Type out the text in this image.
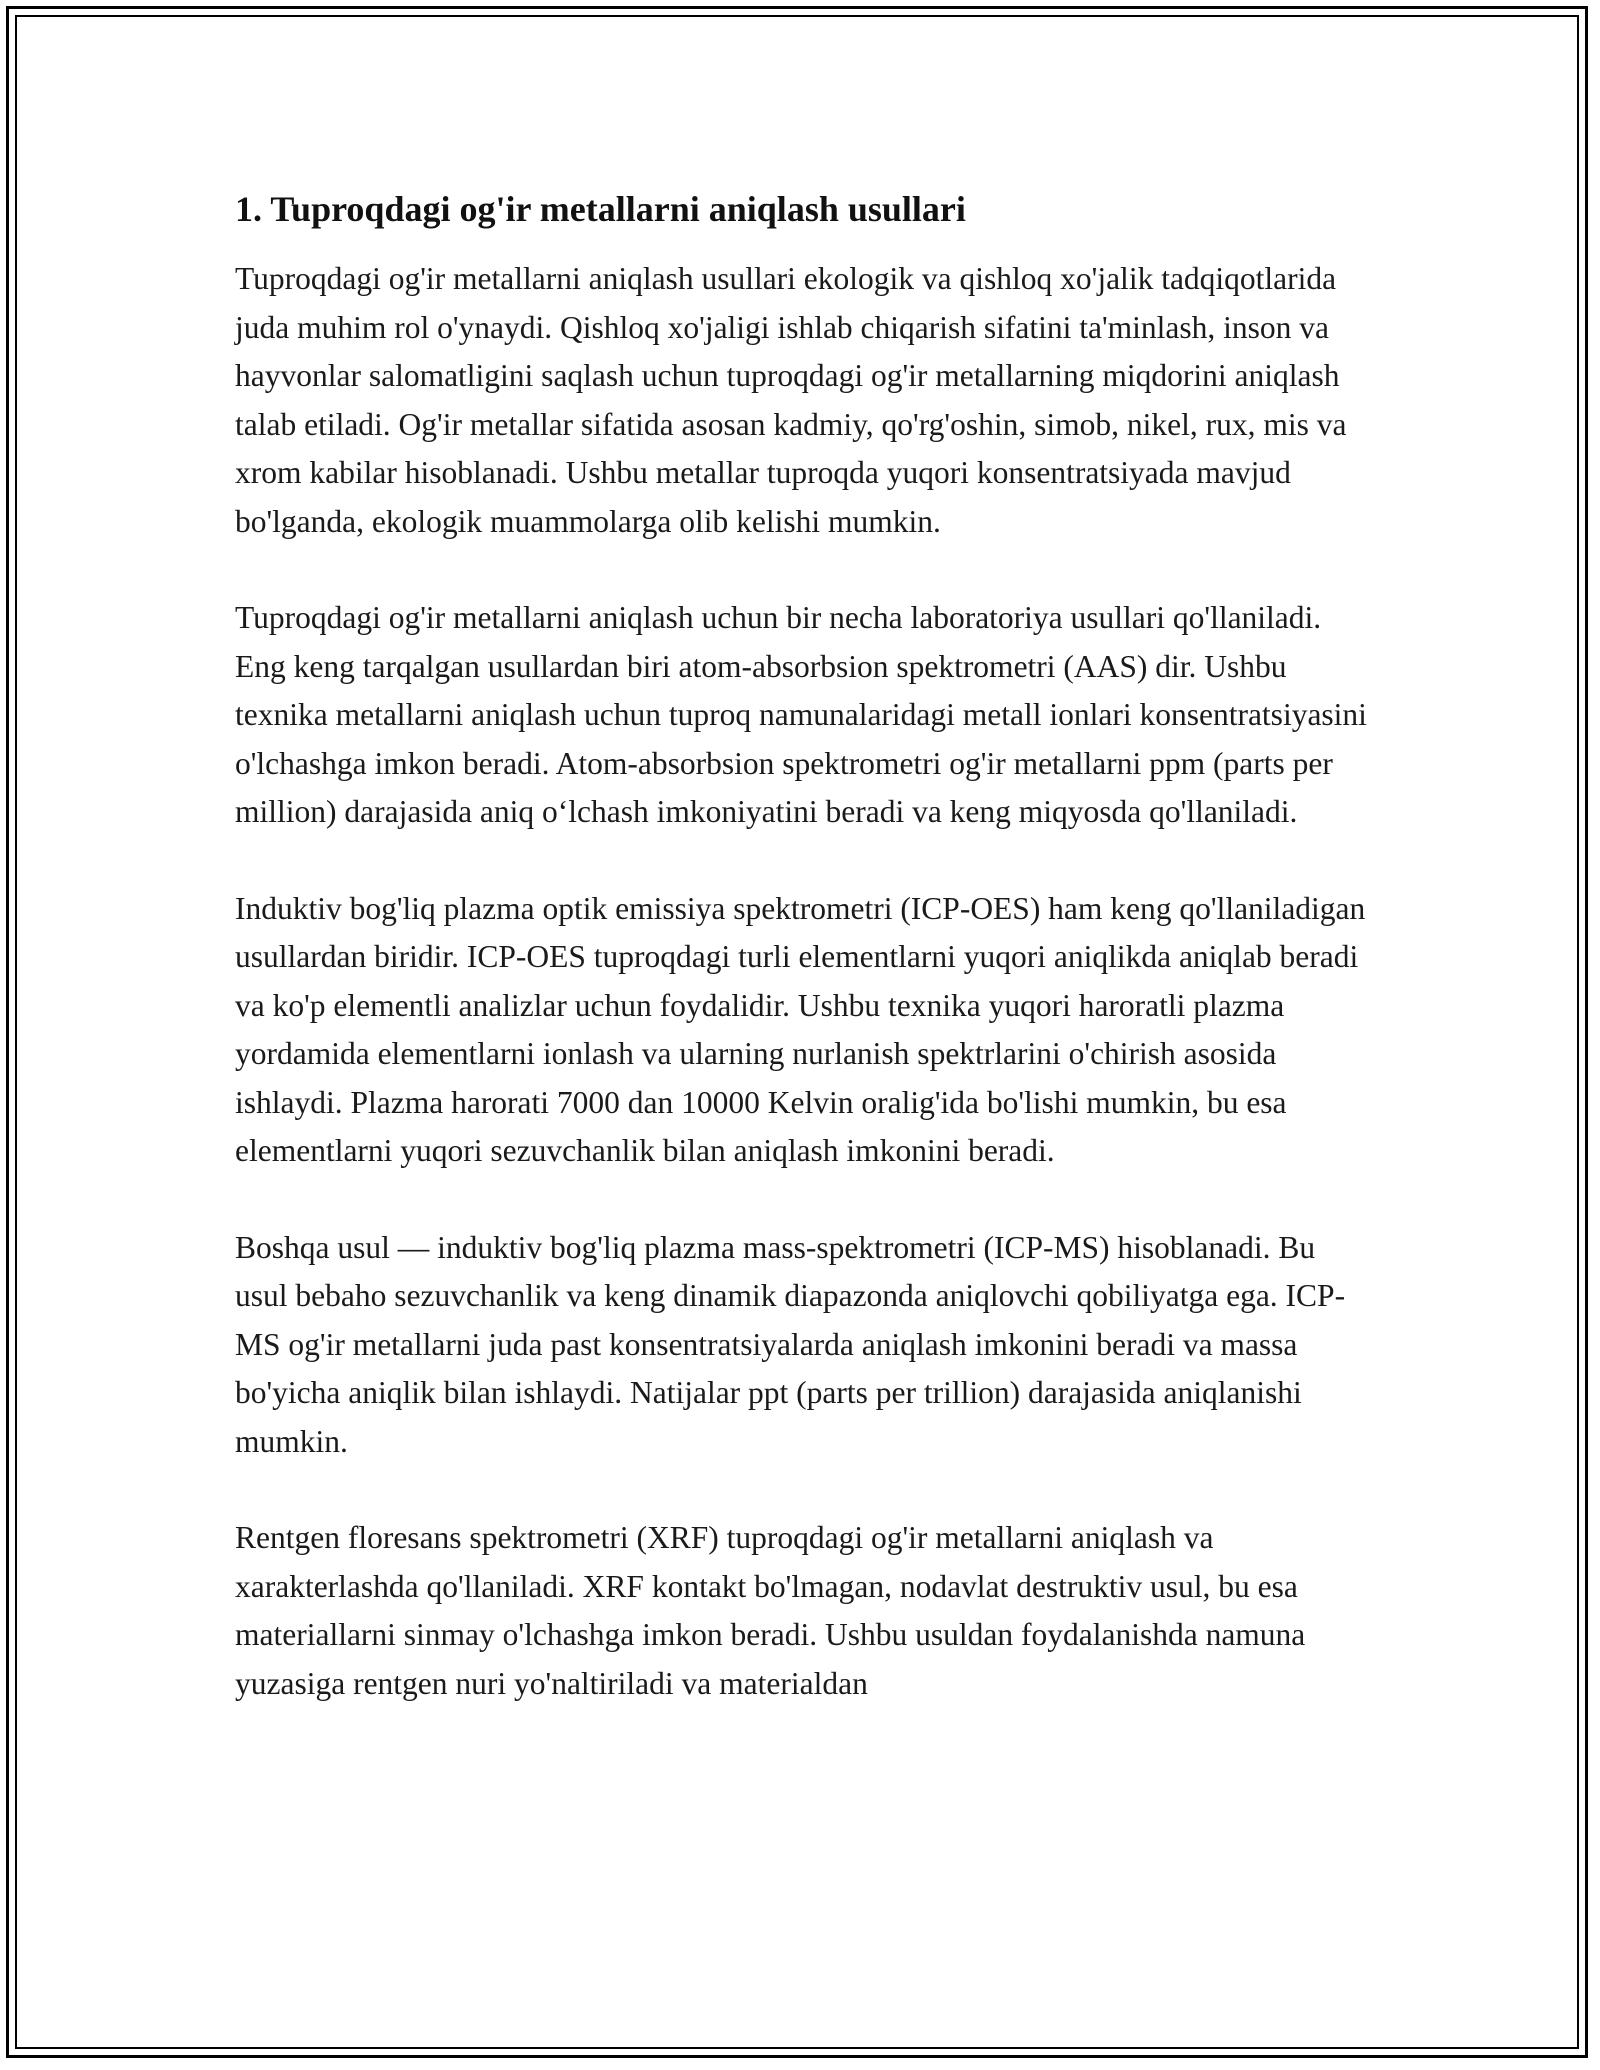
1. Tuproqdagi og'ir metallarni aniqlash usullari

Tuproqdagi og'ir metallarni aniqlash usullari ekologik va qishloq xo'jalik tadqiqotlarida juda muhim rol o'ynaydi. Qishloq xo'jaligi ishlab chiqarish sifatini ta'minlash, inson va hayvonlar salomatligini saqlash uchun tuproqdagi og'ir metallarning miqdorini aniqlash talab etiladi. Og'ir metallar sifatida asosan kadmiy, qo'rg'oshin, simob, nikel, rux, mis va xrom kabilar hisoblanadi. Ushbu metallar tuproqda yuqori konsentratsiyada mavjud bo'lganda, ekologik muammolarga olib kelishi mumkin.

Tuproqdagi og'ir metallarni aniqlash uchun bir necha laboratoriya usullari qo'llaniladi. Eng keng tarqalgan usullardan biri atom-absorbsion spektrometri (AAS) dir. Ushbu texnika metallarni aniqlash uchun tuproq namunalaridagi metall ionlari konsentratsiyasini o'lchashga imkon beradi. Atom-absorbsion spektrometri og'ir metallarni ppm (parts per million) darajasida aniq o‘lchash imkoniyatini beradi va keng miqyosda qo'llaniladi.

Induktiv bog'liq plazma optik emissiya spektrometri (ICP-OES) ham keng qo'llaniladigan usullardan biridir. ICP-OES tuproqdagi turli elementlarni yuqori aniqlikda aniqlab beradi va ko'p elementli analizlar uchun foydalidir. Ushbu texnika yuqori haroratli plazma yordamida elementlarni ionlash va ularning nurlanish spektrlarini o'chirish asosida ishlaydi. Plazma harorati 7000 dan 10000 Kelvin oralig'ida bo'lishi mumkin, bu esa elementlarni yuqori sezuvchanlik bilan aniqlash imkonini beradi.

Boshqa usul — induktiv bog'liq plazma mass-spektrometri (ICP-MS) hisoblanadi. Bu usul bebaho sezuvchanlik va keng dinamik diapazonda aniqlovchi qobiliyatga ega. ICP-MS og'ir metallarni juda past konsentratsiyalarda aniqlash imkonini beradi va massa bo'yicha aniqlik bilan ishlaydi. Natijalar ppt (parts per trillion) darajasida aniqlanishi mumkin.

Rentgen floresans spektrometri (XRF) tuproqdagi og'ir metallarni aniqlash va xarakterlashda qo'llaniladi. XRF kontakt bo'lmagan, nodavlat destruktiv usul, bu esa materiallarni sinmay o'lchashga imkon beradi. Ushbu usuldan foydalanishda namuna yuzasiga rentgen nuri yo'naltiriladi va materialdan
